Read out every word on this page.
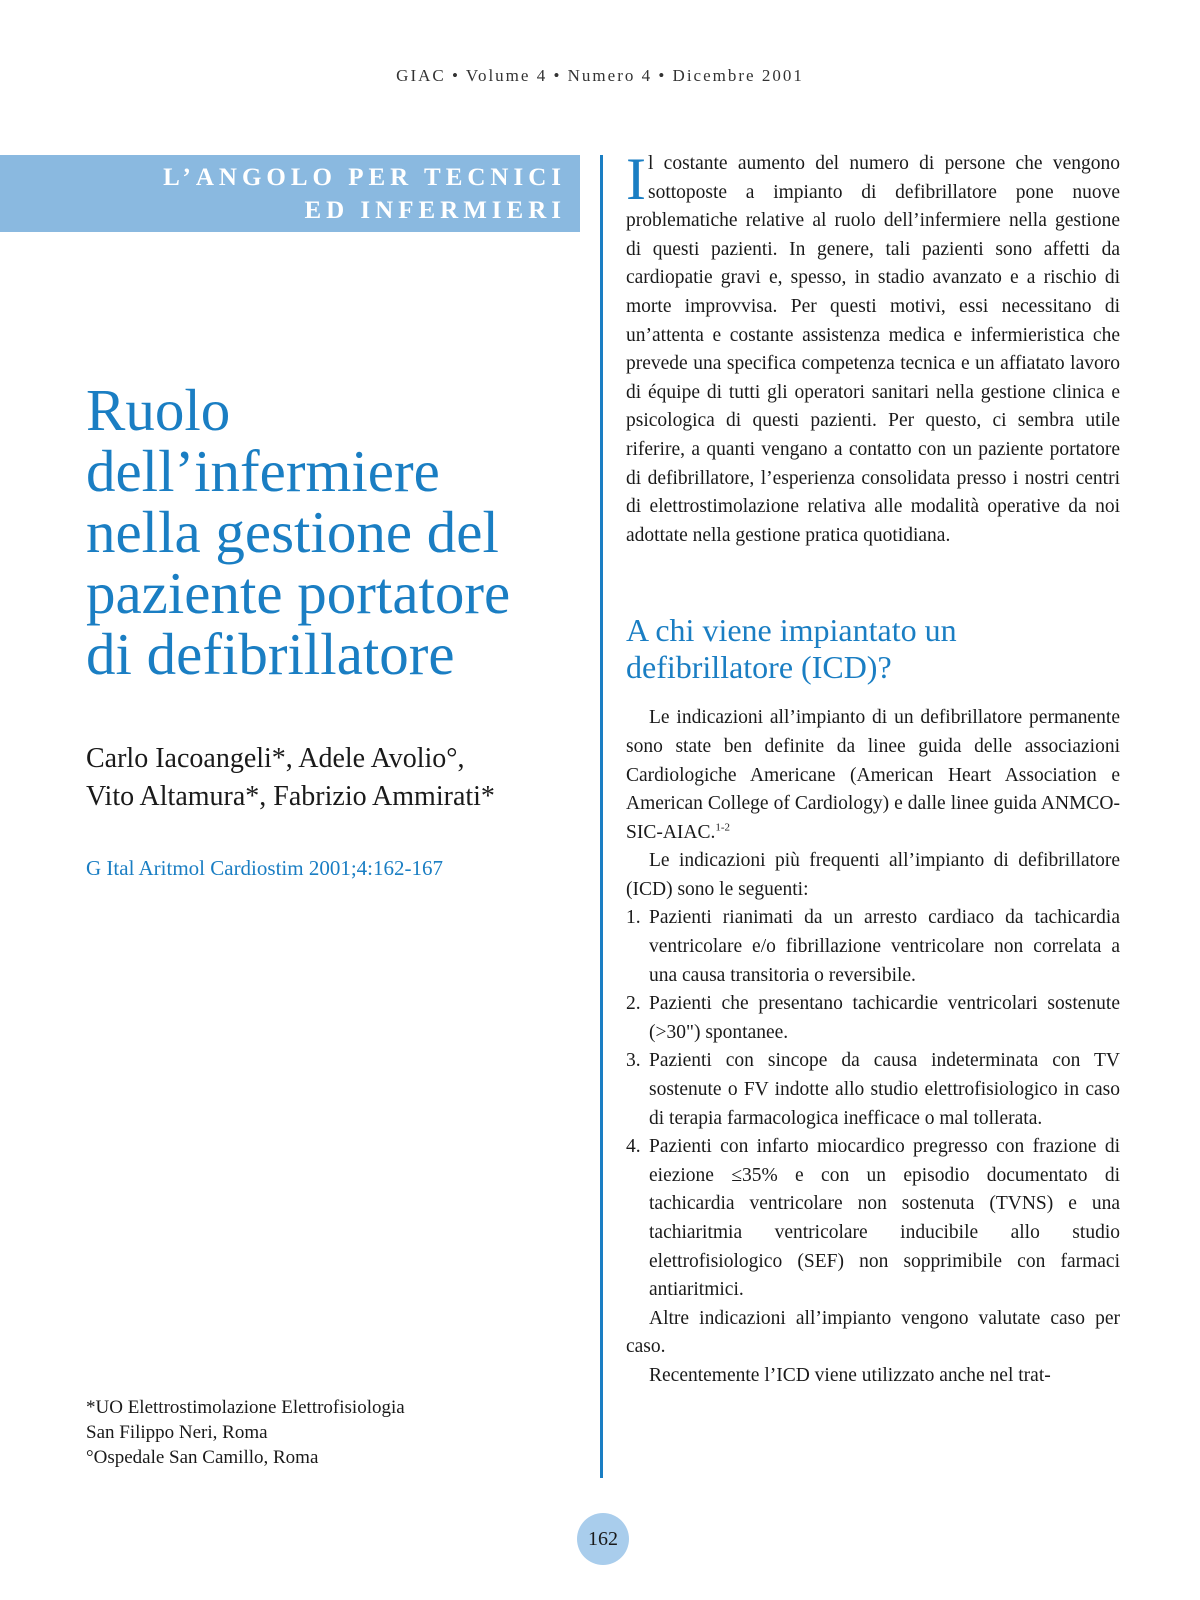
GIAC • Volume 4 • Numero 4 • Dicembre 2001
L’ANGOLO PER TECNICI
ED INFERMIERI
Ruolo
dell’infermiere
nella gestione del
paziente portatore
di defibrillatore
Carlo Iacoangeli*, Adele Avolio°,
Vito Altamura*, Fabrizio Ammirati*
G Ital Aritmol Cardiostim 2001;4:162-167
*UO Elettrostimolazione Elettrofisiologia
San Filippo Neri, Roma
°Ospedale San Camillo, Roma

Il costante aumento del numero di persone che vengono sottoposte a impianto di defibrillatore pone nuove problematiche relative al ruolo dell’infermiere nella gestione di questi pazienti. In genere, tali pazienti sono affetti da cardiopatie gravi e, spesso, in stadio avanzato e a rischio di morte improvvisa. Per questi motivi, essi necessitano di un’attenta e costante assistenza medica e infermieristica che prevede una specifica competenza tecnica e un affiatato lavoro di équipe di tutti gli operatori sanitari nella gestione clinica e psicologica di questi pazienti. Per questo, ci sembra utile riferire, a quanti vengano a contatto con un paziente portatore di defibrillatore, l’esperienza consolidata presso i nostri centri di elettrostimolazione relativa alle modalità operative da noi adottate nella gestione pratica quotidiana.

A chi viene impiantato un
defibrillatore (ICD)?

Le indicazioni all’impianto di un defibrillatore permanente sono state ben definite da linee guida delle associazioni Cardiologiche Americane (American Heart Association e American College of Cardiology) e dalle linee guida ANMCO-SIC-AIAC.$^{1-2}$

Le indicazioni più frequenti all’impianto di defibrillatore (ICD) sono le seguenti:

1. Pazienti rianimati da un arresto cardiaco da tachicardia ventricolare e/o fibrillazione ventricolare non correlata a una causa transitoria o reversibile.
2. Pazienti che presentano tachicardie ventricolari sostenute (>30") spontanee.
3. Pazienti con sincope da causa indeterminata con TV sostenute o FV indotte allo studio elettrofisiologico in caso di terapia farmacologica inefficace o mal tollerata.
4. Pazienti con infarto miocardico pregresso con frazione di eiezione ≤35% e con un episodio documentato di tachicardia ventricolare non sostenuta (TVNS) e una tachiaritmia ventricolare inducibile allo studio elettrofisiologico (SEF) non sopprimibile con farmaci antiaritmici.

Altre indicazioni all’impianto vengono valutate caso per caso.

Recentemente l’ICD viene utilizzato anche nel trat-

162
